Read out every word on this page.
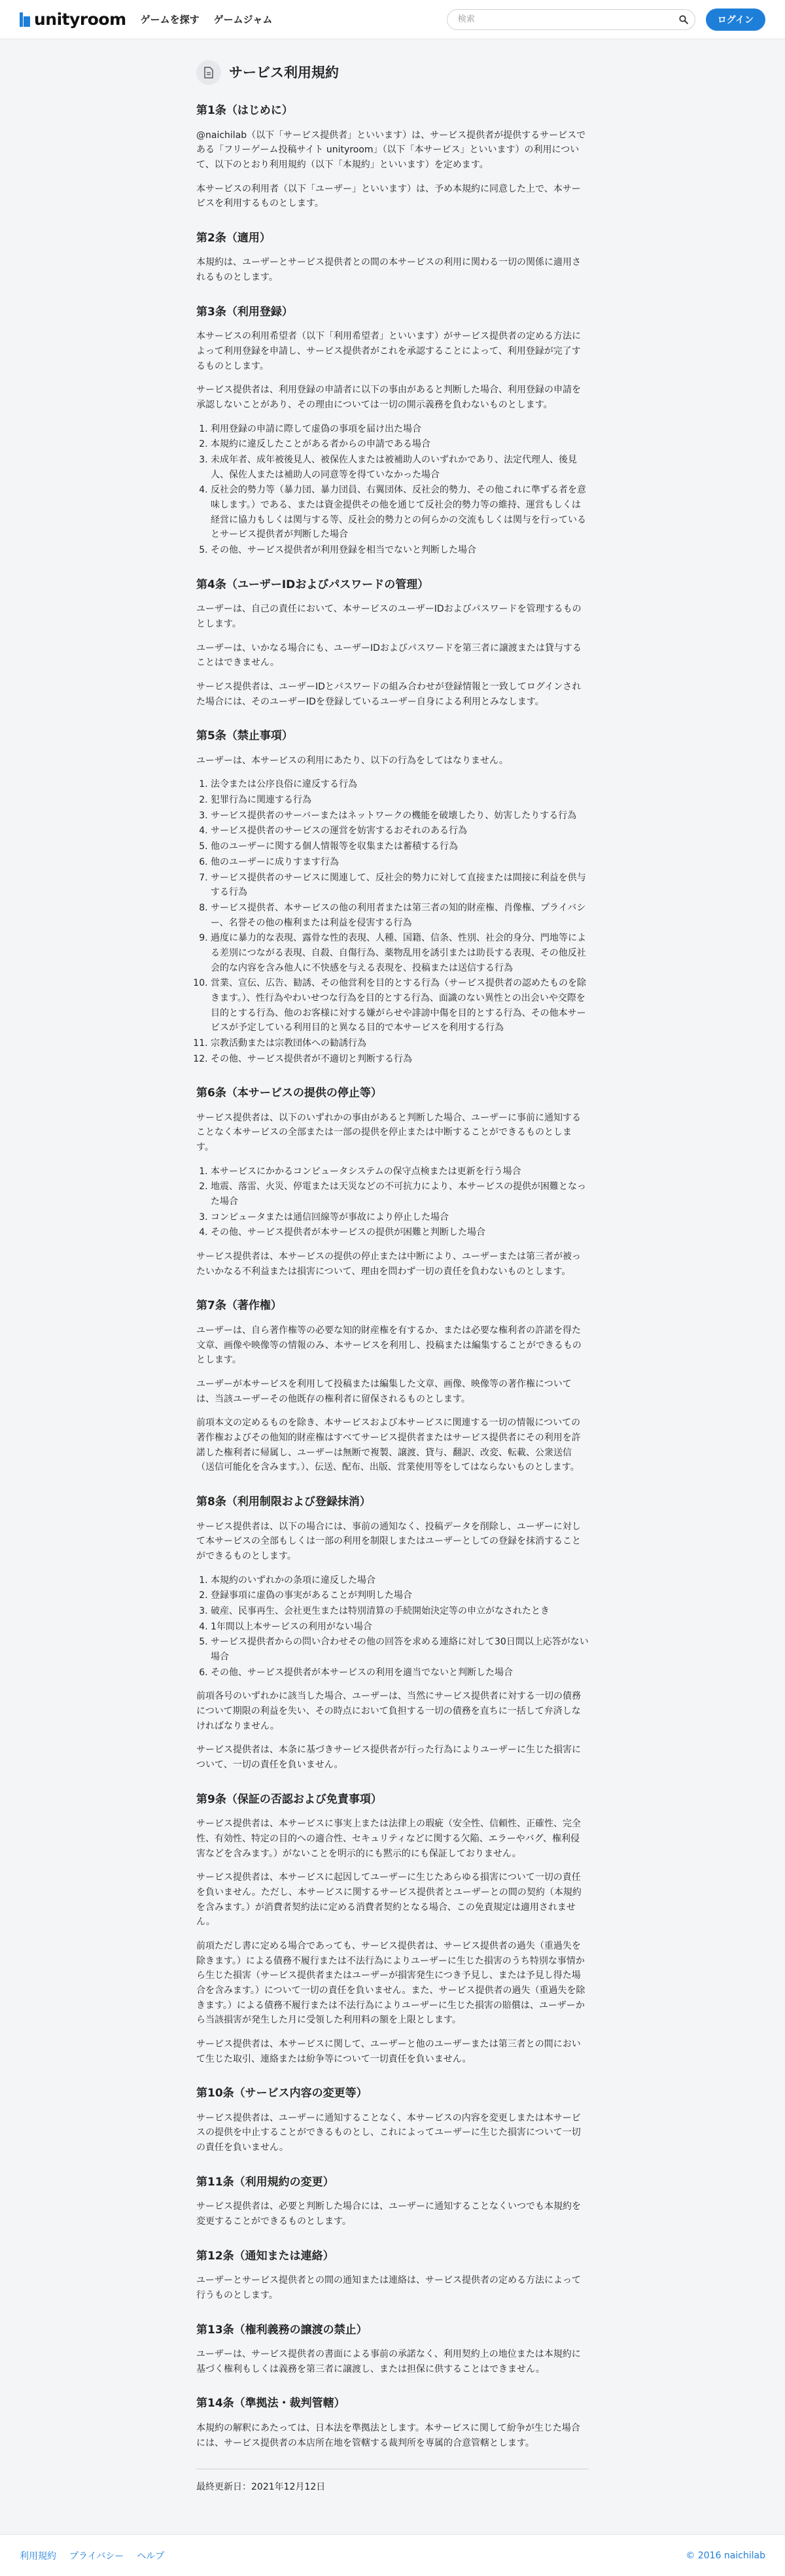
unityroom ゲームを探す ゲームジャム
検索	ログイン
サービス利用規約
第1条（はじめに）

@naichilab（以下「サービス提供者」といいます）は、サービス提供者が提供するサービスである「フリーゲーム投稿サイト unityroom」（以下「本サービス」といいます）の利用について、以下のとおり利用規約（以下「本規約」といいます）を定めます。

本サービスの利用者（以下「ユーザー」といいます）は、予め本規約に同意した上で、本サービスを利用するものとします。

第2条（適用）

本規約は、ユーザーとサービス提供者との間の本サービスの利用に関わる一切の関係に適用されるものとします。

第3条（利用登録）

本サービスの利用希望者（以下「利用希望者」といいます）がサービス提供者の定める方法によって利用登録を申請し、サービス提供者がこれを承認することによって、利用登録が完了するものとします。

サービス提供者は、利用登録の申請者に以下の事由があると判断した場合、利用登録の申請を承認しないことがあり、その理由については一切の開示義務を負わないものとします。

1. 利用登録の申請に際して虚偽の事項を届け出た場合
2. 本規約に違反したことがある者からの申請である場合
3. 未成年者、成年被後見人、被保佐人または被補助人のいずれかであり、法定代理人、後見人、保佐人または補助人の同意等を得ていなかった場合
4. 反社会的勢力等（暴力団、暴力団員、右翼団体、反社会的勢力、その他これに準ずる者を意味します。）である、または資金提供その他を通じて反社会的勢力等の維持、運営もしくは経営に協力もしくは関与する等、反社会的勢力との何らかの交流もしくは関与を行っているとサービス提供者が判断した場合
5. その他、サービス提供者が利用登録を相当でないと判断した場合
第4条（ユーザーIDおよびパスワードの管理）

ユーザーは、自己の責任において、本サービスのユーザーIDおよびパスワードを管理するものとします。

ユーザーは、いかなる場合にも、ユーザーIDおよびパスワードを第三者に譲渡または貸与することはできません。

サービス提供者は、ユーザーIDとパスワードの組み合わせが登録情報と一致してログインされた場合には、そのユーザーIDを登録しているユーザー自身による利用とみなします。

第5条（禁止事項）

ユーザーは、本サービスの利用にあたり、以下の行為をしてはなりません。

1. 法令または公序良俗に違反する行為
2. 犯罪行為に関連する行為
3. サービス提供者のサーバーまたはネットワークの機能を破壊したり、妨害したりする行為
4. サービス提供者のサービスの運営を妨害するおそれのある行為
5. 他のユーザーに関する個人情報等を収集または蓄積する行為
6. 他のユーザーに成りすます行為
7. サービス提供者のサービスに関連して、反社会的勢力に対して直接または間接に利益を供与する行為
8. サービス提供者、本サービスの他の利用者または第三者の知的財産権、肖像権、プライバシー、名誉その他の権利または利益を侵害する行為
9. 過度に暴力的な表現、露骨な性的表現、人種、国籍、信条、性別、社会的身分、門地等による差別につながる表現、自殺、自傷行為、薬物乱用を誘引または助長する表現、その他反社会的な内容を含み他人に不快感を与える表現を、投稿または送信する行為
10. 営業、宣伝、広告、勧誘、その他営利を目的とする行為（サービス提供者の認めたものを除きます。）、性行為やわいせつな行為を目的とする行為、面識のない異性との出会いや交際を目的とする行為、他のお客様に対する嫌がらせや誹謗中傷を目的とする行為、その他本サービスが予定している利用目的と異なる目的で本サービスを利用する行為
11. 宗教活動または宗教団体への勧誘行為
12. その他、サービス提供者が不適切と判断する行為
第6条（本サービスの提供の停止等）

サービス提供者は、以下のいずれかの事由があると判断した場合、ユーザーに事前に通知することなく本サービスの全部または一部の提供を停止または中断することができるものとします。

1. 本サービスにかかるコンピュータシステムの保守点検または更新を行う場合
2. 地震、落雷、火災、停電または天災などの不可抗力により、本サービスの提供が困難となった場合
3. コンピュータまたは通信回線等が事故により停止した場合
4. その他、サービス提供者が本サービスの提供が困難と判断した場合

サービス提供者は、本サービスの提供の停止または中断により、ユーザーまたは第三者が被ったいかなる不利益または損害について、理由を問わず一切の責任を負わないものとします。

第7条（著作権）

ユーザーは、自ら著作権等の必要な知的財産権を有するか、または必要な権利者の許諾を得た文章、画像や映像等の情報のみ、本サービスを利用し、投稿または編集することができるものとします。

ユーザーが本サービスを利用して投稿または編集した文章、画像、映像等の著作権については、当該ユーザーその他既存の権利者に留保されるものとします。

前項本文の定めるものを除き、本サービスおよび本サービスに関連する一切の情報についての著作権およびその他知的財産権はすべてサービス提供者またはサービス提供者にその利用を許諾した権利者に帰属し、ユーザーは無断で複製、譲渡、貸与、翻訳、改変、転載、公衆送信（送信可能化を含みます。）、伝送、配布、出版、営業使用等をしてはならないものとします。

第8条（利用制限および登録抹消）

サービス提供者は、以下の場合には、事前の通知なく、投稿データを削除し、ユーザーに対して本サービスの全部もしくは一部の利用を制限しまたはユーザーとしての登録を抹消することができるものとします。

1. 本規約のいずれかの条項に違反した場合
2. 登録事項に虚偽の事実があることが判明した場合
3. 破産、民事再生、会社更生または特別清算の手続開始決定等の申立がなされたとき
4. 1年間以上本サービスの利用がない場合
5. サービス提供者からの問い合わせその他の回答を求める連絡に対して30日間以上応答がない場合
6. その他、サービス提供者が本サービスの利用を適当でないと判断した場合

前項各号のいずれかに該当した場合、ユーザーは、当然にサービス提供者に対する一切の債務について期限の利益を失い、その時点において負担する一切の債務を直ちに一括して弁済しなければなりません。

サービス提供者は、本条に基づきサービス提供者が行った行為によりユーザーに生じた損害について、一切の責任を負いません。

第9条（保証の否認および免責事項）

サービス提供者は、本サービスに事実上または法律上の瑕疵（安全性、信頼性、正確性、完全性、有効性、特定の目的への適合性、セキュリティなどに関する欠陥、エラーやバグ、権利侵害などを含みます。）がないことを明示的にも黙示的にも保証しておりません。

サービス提供者は、本サービスに起因してユーザーに生じたあらゆる損害について一切の責任を負いません。ただし、本サービスに関するサービス提供者とユーザーとの間の契約（本規約を含みます。）が消費者契約法に定める消費者契約となる場合、この免責規定は適用されません。

前項ただし書に定める場合であっても、サービス提供者は、サービス提供者の過失（重過失を除きます。）による債務不履行または不法行為によりユーザーに生じた損害のうち特別な事情から生じた損害（サービス提供者またはユーザーが損害発生につき予見し、または予見し得た場合を含みます。）について一切の責任を負いません。また、サービス提供者の過失（重過失を除きます。）による債務不履行または不法行為によりユーザーに生じた損害の賠償は、ユーザーから当該損害が発生した月に受領した利用料の額を上限とします。

サービス提供者は、本サービスに関して、ユーザーと他のユーザーまたは第三者との間において生じた取引、連絡または紛争等について一切責任を負いません。

第10条（サービス内容の変更等）

サービス提供者は、ユーザーに通知することなく、本サービスの内容を変更しまたは本サービスの提供を中止することができるものとし、これによってユーザーに生じた損害について一切の責任を負いません。

第11条（利用規約の変更）

サービス提供者は、必要と判断した場合には、ユーザーに通知することなくいつでも本規約を変更することができるものとします。

第12条（通知または連絡）

ユーザーとサービス提供者との間の通知または連絡は、サービス提供者の定める方法によって行うものとします。

第13条（権利義務の譲渡の禁止）

ユーザーは、サービス提供者の書面による事前の承諾なく、利用契約上の地位または本規約に基づく権利もしくは義務を第三者に譲渡し、または担保に供することはできません。

第14条（準拠法・裁判管轄）

本規約の解釈にあたっては、日本法を準拠法とします。本サービスに関して紛争が生じた場合には、サービス提供者の本店所在地を管轄する裁判所を専属的合意管轄とします。

最終更新日：2021年12月12日

利用規約 プライバシー ヘルプ	© 2016 naichilab
